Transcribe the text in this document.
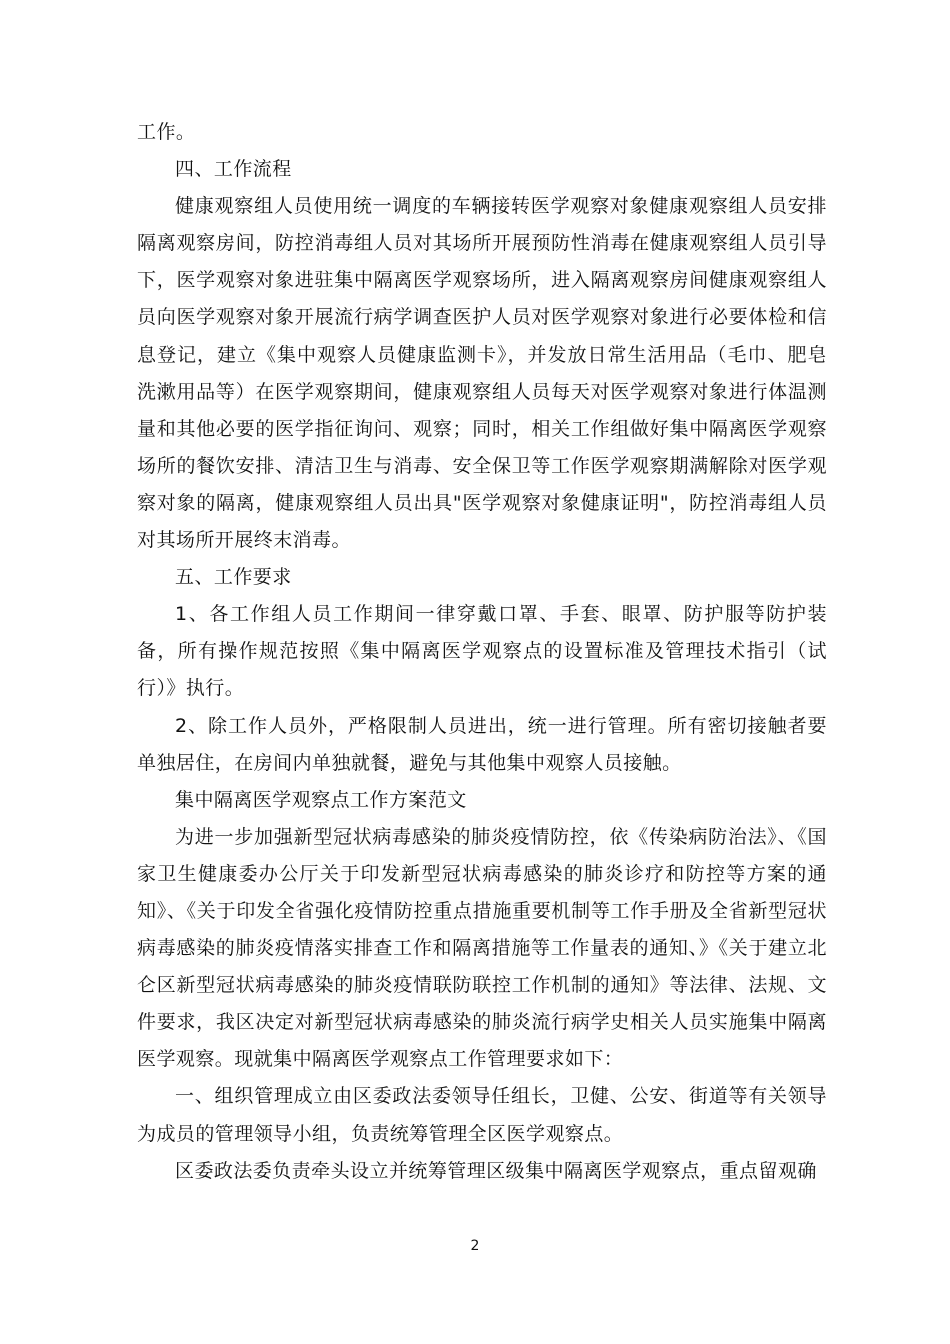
工作。

四、工作流程

健康观察组人员使用统一调度的车辆接转医学观察对象健康观察组人员安排隔离观察房间，防控消毒组人员对其场所开展预防性消毒在健康观察组人员引导下，医学观察对象进驻集中隔离医学观察场所，进入隔离观察房间健康观察组人员向医学观察对象开展流行病学调查医护人员对医学观察对象进行必要体检和信息登记，建立《集中观察人员健康监测卡》，并发放日常生活用品（毛巾、肥皂洗漱用品等）在医学观察期间，健康观察组人员每天对医学观察对象进行体温测量和其他必要的医学指征询问、观察；同时，相关工作组做好集中隔离医学观察场所的餐饮安排、清洁卫生与消毒、安全保卫等工作医学观察期满解除对医学观察对象的隔离，健康观察组人员出具"医学观察对象健康证明"，防控消毒组人员对其场所开展终末消毒。

五、工作要求

1、各工作组人员工作期间一律穿戴口罩、手套、眼罩、防护服等防护装备，所有操作规范按照《集中隔离医学观察点的设置标准及管理技术指引（试行）》执行。

2、除工作人员外，严格限制人员进出，统一进行管理。所有密切接触者要单独居住，在房间内单独就餐，避免与其他集中观察人员接触。

集中隔离医学观察点工作方案范文

为进一步加强新型冠状病毒感染的肺炎疫情防控，依《传染病防治法》、《国家卫生健康委办公厅关于印发新型冠状病毒感染的肺炎诊疗和防控等方案的通知》、《关于印发全省强化疫情防控重点措施重要机制等工作手册及全省新型冠状病毒感染的肺炎疫情落实排查工作和隔离措施等工作量表的通知、》《关于建立北仑区新型冠状病毒感染的肺炎疫情联防联控工作机制的通知》等法律、法规、文件要求，我区决定对新型冠状病毒感染的肺炎流行病学史相关人员实施集中隔离医学观察。现就集中隔离医学观察点工作管理要求如下：

一、组织管理成立由区委政法委领导任组长，卫健、公安、街道等有关领导为成员的管理领导小组，负责统筹管理全区医学观察点。

区委政法委负责牵头设立并统筹管理区级集中隔离医学观察点，重点留观确

2
